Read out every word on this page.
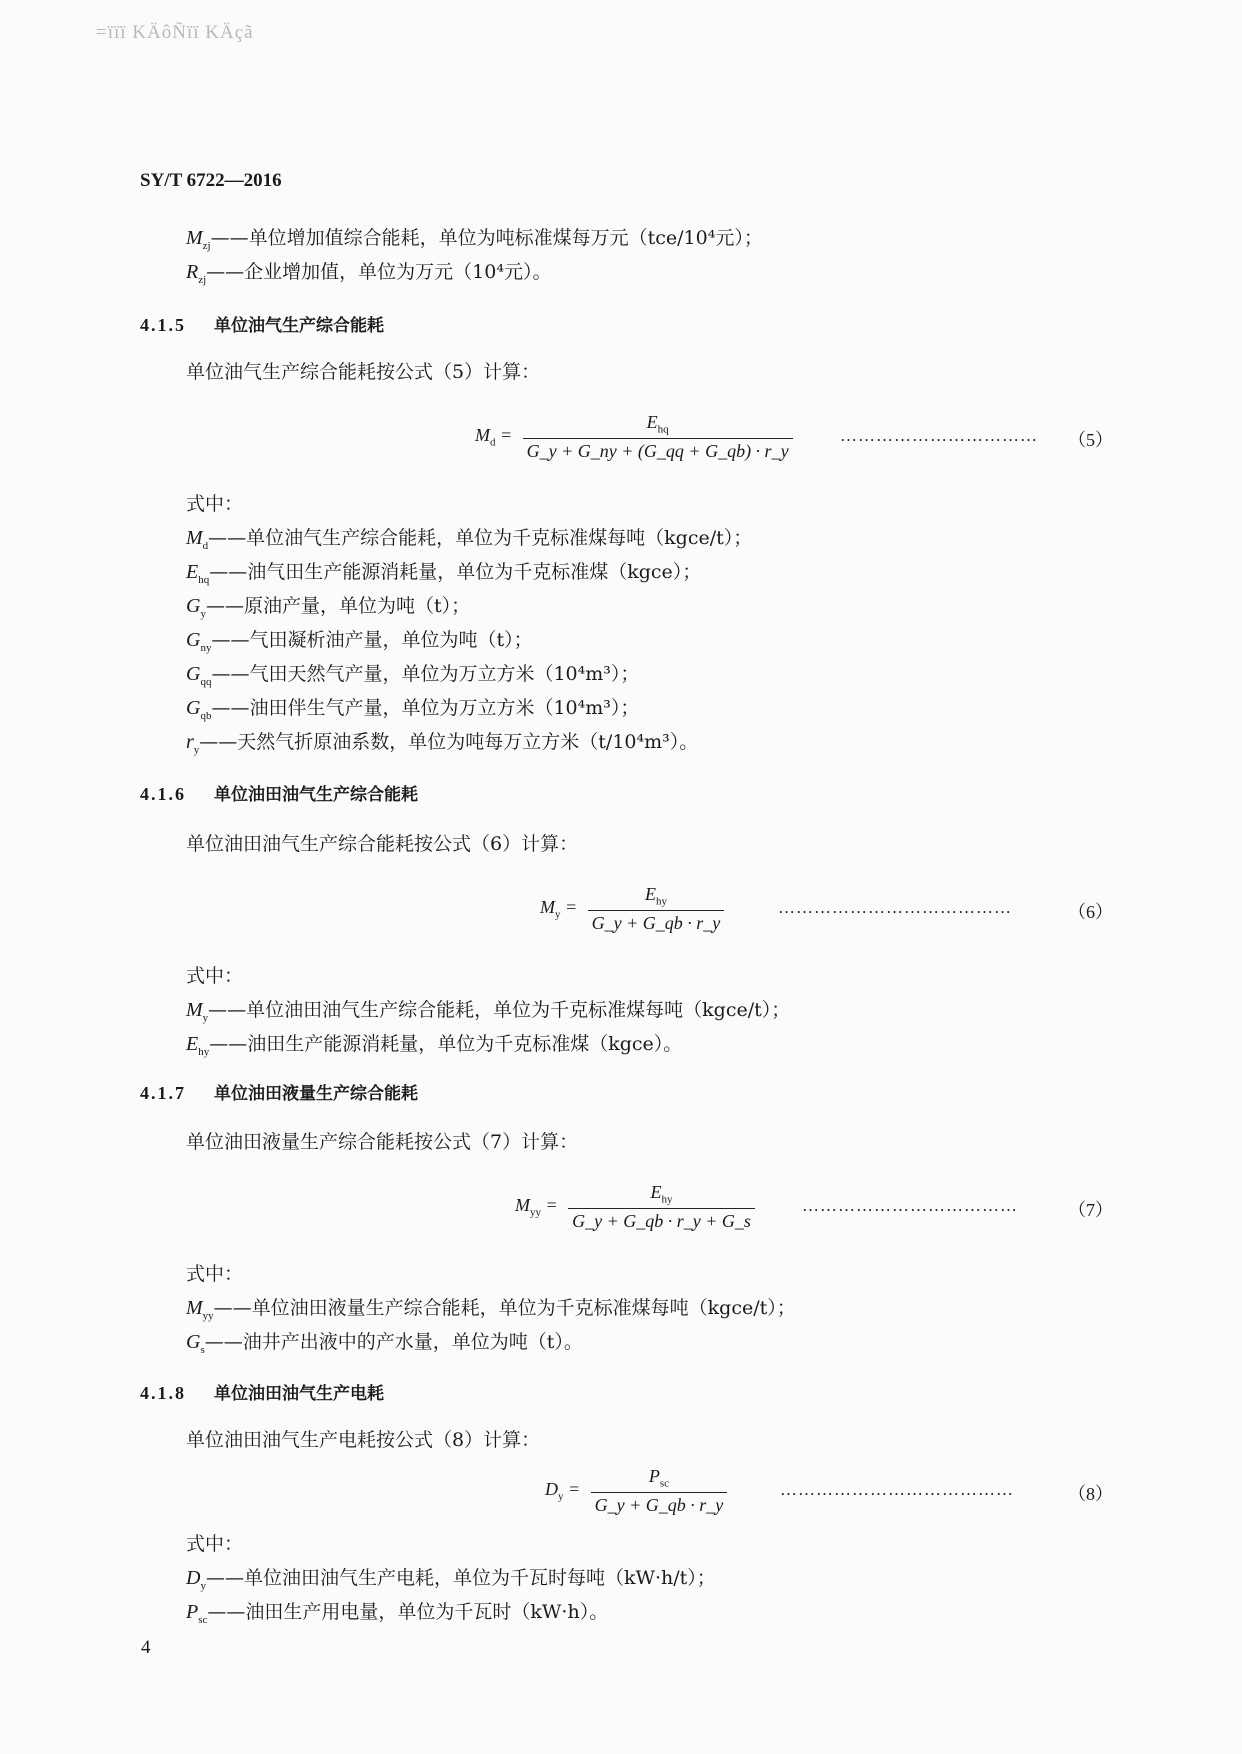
=ïïï KÄôÑïï KÄçã
SY/T 6722—2016
$M_{zj}——$单位增加值综合能耗，单位为吨标准煤每万元（tce/10⁴元）；
$R_{zj}——$企业增加值，单位为万元（10⁴元）。
4.1.5 单位油气生产综合能耗
单位油气生产综合能耗按公式（5）计算：
$M_d = \frac{E_{hq}}{G\_y + G\_ny + (G\_qq + G\_qb) \cdot r\_y}$	…………………………… （5）
式中：
$M_d——$单位油气生产综合能耗，单位为千克标准煤每吨（kgce/t）；
$E_{hq}——$油气田生产能源消耗量，单位为千克标准煤（kgce）；
$G_y——$原油产量，单位为吨（t）；
$G_{ny}——$气田凝析油产量，单位为吨（t）；
$G_{qq}——$气田天然气产量，单位为万立方米（10⁴m³）；
$G_{qb}——$油田伴生气产量，单位为万立方米（10⁴m³）；
$r_y——$天然气折原油系数，单位为吨每万立方米（t/10⁴m³）。
4.1.6 单位油田油气生产综合能耗
单位油田油气生产综合能耗按公式（6）计算：
$M_y = \frac{E_{hy}}{G\_y + G\_qb \cdot r\_y}$	…………………………………	（6）
式中：
$M_y——$单位油田油气生产综合能耗，单位为千克标准煤每吨（kgce/t）；
$E_{hy}——$油田生产能源消耗量，单位为千克标准煤（kgce）。
4.1.7 单位油田液量生产综合能耗
单位油田液量生产综合能耗按公式（7）计算：
$M_{yy} = \frac{E_{hy}}{G\_y + G\_qb \cdot r\_y + G\_s}$	………………………………	（7）
式中：
$M_{yy}——$单位油田液量生产综合能耗，单位为千克标准煤每吨（kgce/t）；
$G_s——$油井产出液中的产水量，单位为吨（t）。
4.1.8 单位油田油气生产电耗
单位油田油气生产电耗按公式（8）计算：
$D_y = \frac{P_{sc}}{G\_y + G\_qb \cdot r\_y}$	…………………………………	（8）
式中：
$D_y——$单位油田油气生产电耗，单位为千瓦时每吨（kW·h/t）；
$P_{sc}——$油田生产用电量，单位为千瓦时（kW·h）。
4
